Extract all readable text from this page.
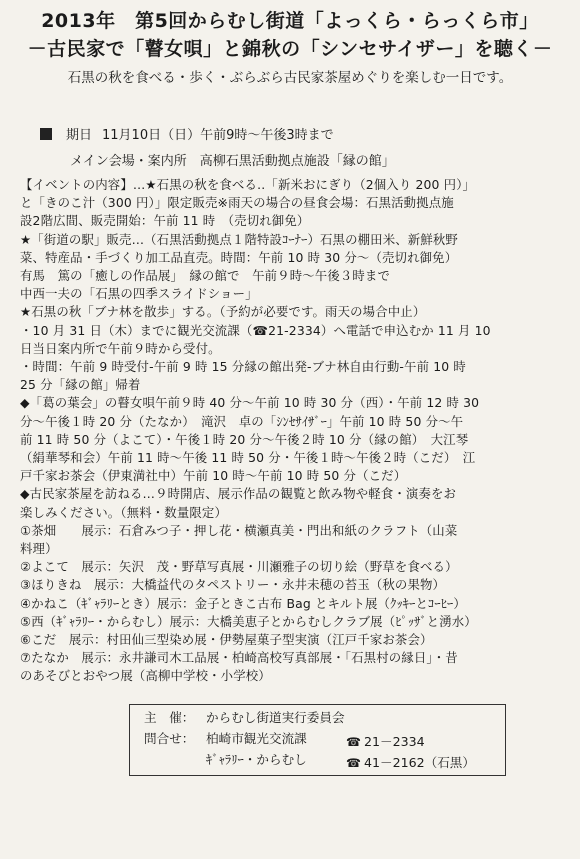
2013年　第5回からむし街道「よっくら・らっくら市」
－古民家で「瞽女唄」と錦秋の「シンセサイザー」を聴く－
石黒の秋を食べる・歩く・ぶらぶら古民家茶屋めぐりを楽しむ一日です。
期日 11月10日（日）午前9時～午後3時まで
メイン会場・案内所　高柳石黒活動拠点施設「縁の館」

【イベントの内容】…★石黒の秋を食べる‥「新米おにぎり（2個入り 200 円）」

と「きのこ汁（300 円）」限定販売※雨天の場合の昼食会場：石黒活動拠点施

設2階広間、販売開始：午前 11 時　（売切れ御免）

★「街道の駅」販売…（石黒活動拠点１階特設ｺｰﾅｰ）石黒の棚田米、新鮮秋野

菜、特産品・手づくり加工品直売。時間：午前 10 時 30 分～（売切れ御免）

有馬　篤の「癒しの作品展」　縁の館で　午前９時～午後３時まで

中西一夫の「石黒の四季スライドショー」

★石黒の秋「ブナ林を散歩」する。（予約が必要です。雨天の場合中止）

・10 月 31 日（木）までに観光交流課（☎21-2334）へ電話で申込むか 11 月 10

日当日案内所で午前９時から受付。

・時間：午前 9 時受付-午前 9 時 15 分縁の館出発-ブナ林自由行動-午前 10 時

25 分「縁の館」帰着

◆「葛の葉会」の瞽女唄午前９時 40 分～午前 10 時 30 分（西）・午前 12 時 30

分～午後１時 20 分（たなか）　滝沢　卓の「ｼﾝｾｻｲｻﾞｰ」午前 10 時 50 分～午

前 11 時 50 分（よこて）・午後１時 20 分～午後２時 10 分（縁の館）　大江琴

（絹華琴和会）午前 11 時～午後 11 時 50 分・午後１時～午後２時（こだ）　江

戸千家お茶会（伊東満社中）午前 10 時～午前 10 時 50 分（こだ）

◆古民家茶屋を訪ねる…９時開店、展示作品の観覧と飲み物や軽食・演奏をお

楽しみください。（無料・数量限定）

①茶畑　　展示：石倉みつ子・押し花・横瀬真美・門出和紙のクラフト（山菜

料理）

②よこて　展示：矢沢　茂・野草写真展・川瀬雅子の切り絵（野草を食べる）

③ほりきね　展示：大橋益代のタペストリー・永井未穂の苔玉（秋の果物）

④かねこ（ｷﾞｬﾗﾘｰとき）展示：金子ときこ古布 Bag とキルト展（ｸｯｷｰとｺｰﾋｰ）

⑤西（ｷﾞｬﾗﾘｰ・からむし）展示：大橋美恵子とからむしクラブ展（ﾋﾟｯｻﾞと湧水）

⑥こだ　展示：村田仙三型染め展・伊勢屋菓子型実演（江戸千家お茶会）

⑦たなか　展示：永井謙司木工品展・柏崎高校写真部展・「石黒村の縁日」・昔

のあそびとおやつ展（高柳中学校・小学校）

主　催： からむし街道実行委員会
問合せ： 柏崎市観光交流課	☎ 21－2334
ｷﾞｬﾗﾘｰ・からむし	☎ 41－2162（石黒）
